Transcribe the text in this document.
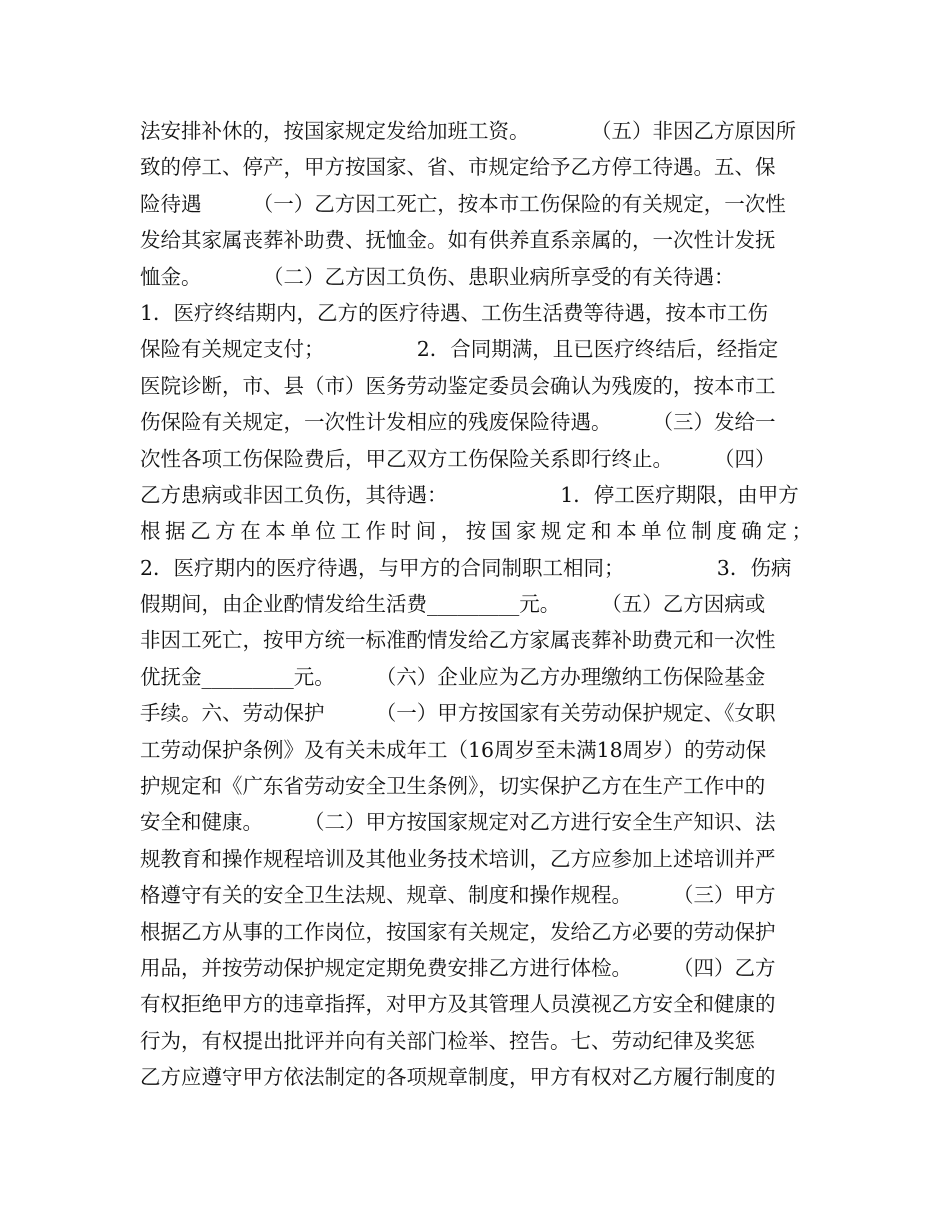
法安排补休的，按国家规定发给加班工资。　　　　（五）非因乙方原因所
致的停工、停产，甲方按国家、省、市规定给予乙方停工待遇。五、保
险待遇　　　（一）乙方因工死亡，按本市工伤保险的有关规定，一次性
发给其家属丧葬补助费、抚恤金。如有供养直系亲属的，一次性计发抚
恤金。　　　　（二）乙方因工负伤、患职业病所享受的有关待遇：
1．医疗终结期内，乙方的医疗待遇、工伤生活费等待遇，按本市工伤
保险有关规定支付；　　　　　2．合同期满，且已医疗终结后，经指定
医院诊断，市、县（市）医务劳动鉴定委员会确认为残废的，按本市工
伤保险有关规定，一次性计发相应的残废保险待遇。　　　（三）发给一
次性各项工伤保险费后，甲乙双方工伤保险关系即行终止。　　　（四）
乙方患病或非因工负伤，其待遇：　　　　　　1．停工医疗期限，由甲方
根据乙方在本单位工作时间，按国家规定和本单位制度确定；
2．医疗期内的医疗待遇，与甲方的合同制职工相同；　　　　　3．伤病
假期间，由企业酌情发给生活费_________元。　　　（五）乙方因病或
非因工死亡，按甲方统一标准酌情发给乙方家属丧葬补助费元和一次性
优抚金_________元。　　　（六）企业应为乙方办理缴纳工伤保险基金
手续。六、劳动保护　　　（一）甲方按国家有关劳动保护规定、《女职
工劳动保护条例》及有关未成年工（16周岁至未满18周岁）的劳动保
护规定和《广东省劳动安全卫生条例》，切实保护乙方在生产工作中的
安全和健康。　　　（二）甲方按国家规定对乙方进行安全生产知识、法
规教育和操作规程培训及其他业务技术培训，乙方应参加上述培训并严
格遵守有关的安全卫生法规、规章、制度和操作规程。　　　（三）甲方
根据乙方从事的工作岗位，按国家有关规定，发给乙方必要的劳动保护
用品，并按劳动保护规定定期免费安排乙方进行体检。　　　（四）乙方
有权拒绝甲方的违章指挥，对甲方及其管理人员漠视乙方安全和健康的
行为，有权提出批评并向有关部门检举、控告。七、劳动纪律及奖惩
乙方应遵守甲方依法制定的各项规章制度，甲方有权对乙方履行制度的
